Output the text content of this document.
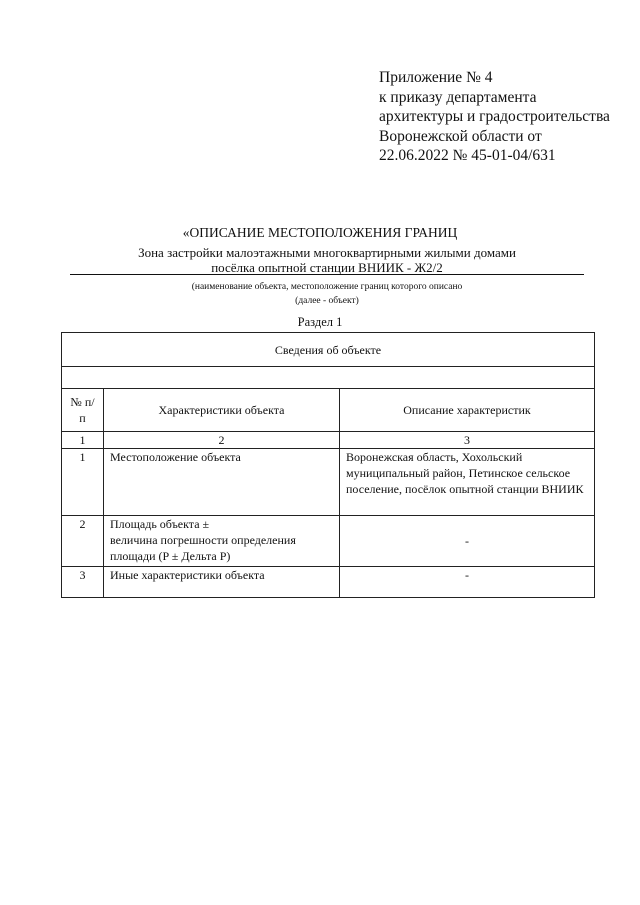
Приложение № 4
к приказу департамента
архитектуры и градостроительства
Воронежской области от
22.06.2022 № 45-01-04/631
«ОПИСАНИЕ МЕСТОПОЛОЖЕНИЯ ГРАНИЦ
Зона застройки малоэтажными многоквартирными жилыми домами
посёлка опытной станции ВНИИК - Ж2/2
(наименование объекта, местоположение границ которого описано
(далее - объект)
Раздел 1
Сведения об объекте		

№ п/п	Характеристики объекта	Описание характеристик
1	2	3
1	Местоположение объекта	Воронежская область, Хохольский муниципальный район, Петинское сельское поселение, посёлок опытной станции ВНИИК
2	Площадь объекта ±
величина погрешности определения
площади (P ± Дельта P)	-
3	Иные характеристики объекта	-
